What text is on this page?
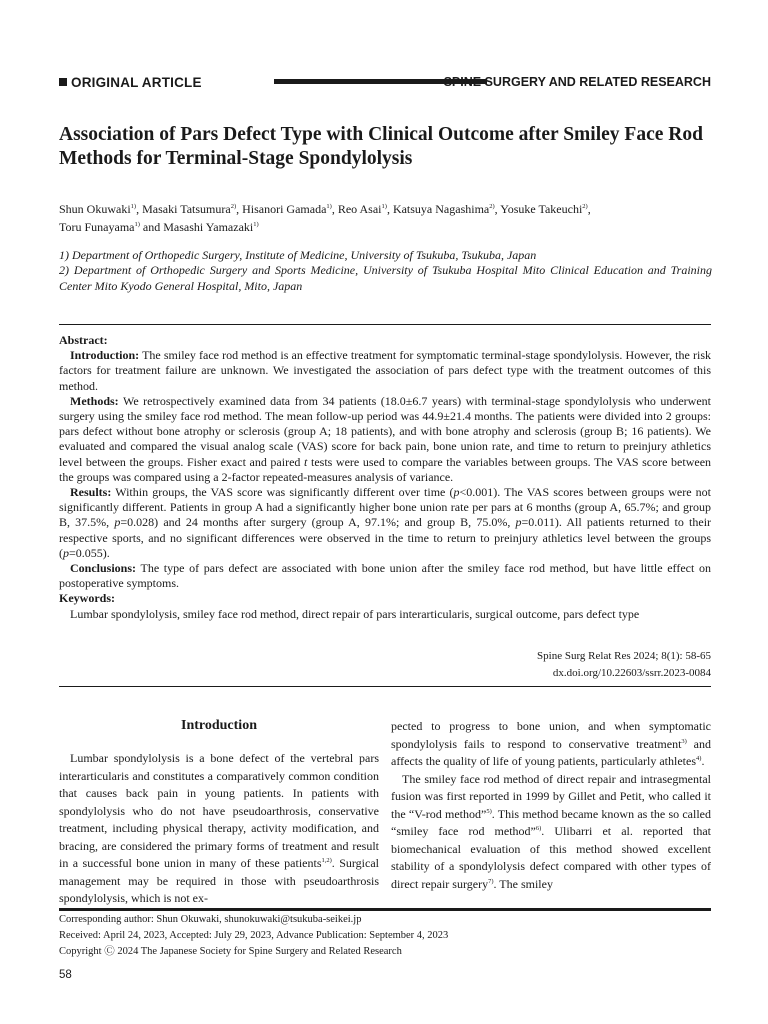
ORIGINAL ARTICLE	SPINE SURGERY AND RELATED RESEARCH
Association of Pars Defect Type with Clinical Outcome after Smiley Face Rod Methods for Terminal-Stage Spondylolysis
Shun Okuwaki$^{1)}$, Masaki Tatsumura$^{2)}$, Hisanori Gamada$^{1)}$, Reo Asai$^{1)}$, Katsuya Nagashima$^{2)}$, Yosuke Takeuchi$^{2)}$,
Toru Funayama$^{1)}$ and Masashi Yamazaki$^{1)}$
1) Department of Orthopedic Surgery, Institute of Medicine, University of Tsukuba, Tsukuba, Japan
2) Department of Orthopedic Surgery and Sports Medicine, University of Tsukuba Hospital Mito Clinical Education and Training Center Mito Kyodo General Hospital, Mito, Japan

Abstract:

Introduction: The smiley face rod method is an effective treatment for symptomatic terminal-stage spondylolysis. However, the risk factors for treatment failure are unknown. We investigated the association of pars defect type with the treatment outcomes of this method.

Methods: We retrospectively examined data from 34 patients (18.0±6.7 years) with terminal-stage spondylolysis who underwent surgery using the smiley face rod method. The mean follow-up period was 44.9±21.4 months. The patients were divided into 2 groups: pars defect without bone atrophy or sclerosis (group A; 18 patients), and with bone atrophy and sclerosis (group B; 16 patients). We evaluated and compared the visual analog scale (VAS) score for back pain, bone union rate, and time to return to preinjury athletics level between the groups. Fisher exact and paired t tests were used to compare the variables between groups. The VAS score between the groups was compared using a 2-factor repeated-measures analysis of variance.

Results: Within groups, the VAS score was significantly different over time (p<0.001). The VAS scores between groups were not significantly different. Patients in group A had a significantly higher bone union rate per pars at 6 months (group A, 65.7%; and group B, 37.5%, p=0.028) and 24 months after surgery (group A, 97.1%; and group B, 75.0%, p=0.011). All patients returned to their respective sports, and no significant differences were observed in the time to return to preinjury athletics level between the groups (p=0.055).

Conclusions: The type of pars defect are associated with bone union after the smiley face rod method, but have little effect on postoperative symptoms.

Keywords:

Lumbar spondylolysis, smiley face rod method, direct repair of pars interarticularis, surgical outcome, pars defect type

Spine Surg Relat Res 2024; 8(1): 58-65
dx.doi.org/10.22603/ssrr.2023-0084
Introduction

Lumbar spondylolysis is a bone defect of the vertebral pars interarticularis and constitutes a comparatively common condition that causes back pain in young patients. In patients with spondylolysis who do not have pseudoarthrosis, conservative treatment, including physical therapy, activity modification, and bracing, are considered the primary forms of treatment and result in a successful bone union in many of these patients$^{1,2)}$. Surgical management may be required in those with pseudoarthrosis spondylolysis, which is not ex-

pected to progress to bone union, and when symptomatic spondylolysis fails to respond to conservative treatment$^{3)}$ and affects the quality of life of young patients, particularly athletes$^{4)}$.

The smiley face rod method of direct repair and intrasegmental fusion was first reported in 1999 by Gillet and Petit, who called it the “V-rod method”$^{5)}$. This method became known as the so called “smiley face rod method”$^{6)}$. Ulibarri et al. reported that biomechanical evaluation of this method showed excellent stability of a spondylolysis defect compared with other types of direct repair surgery$^{7)}$. The smiley

Corresponding author: Shun Okuwaki, shunokuwaki@tsukuba-seikei.jp
Received: April 24, 2023, Accepted: July 29, 2023, Advance Publication: September 4, 2023
Copyright Ⓒ 2024 The Japanese Society for Spine Surgery and Related Research
58
